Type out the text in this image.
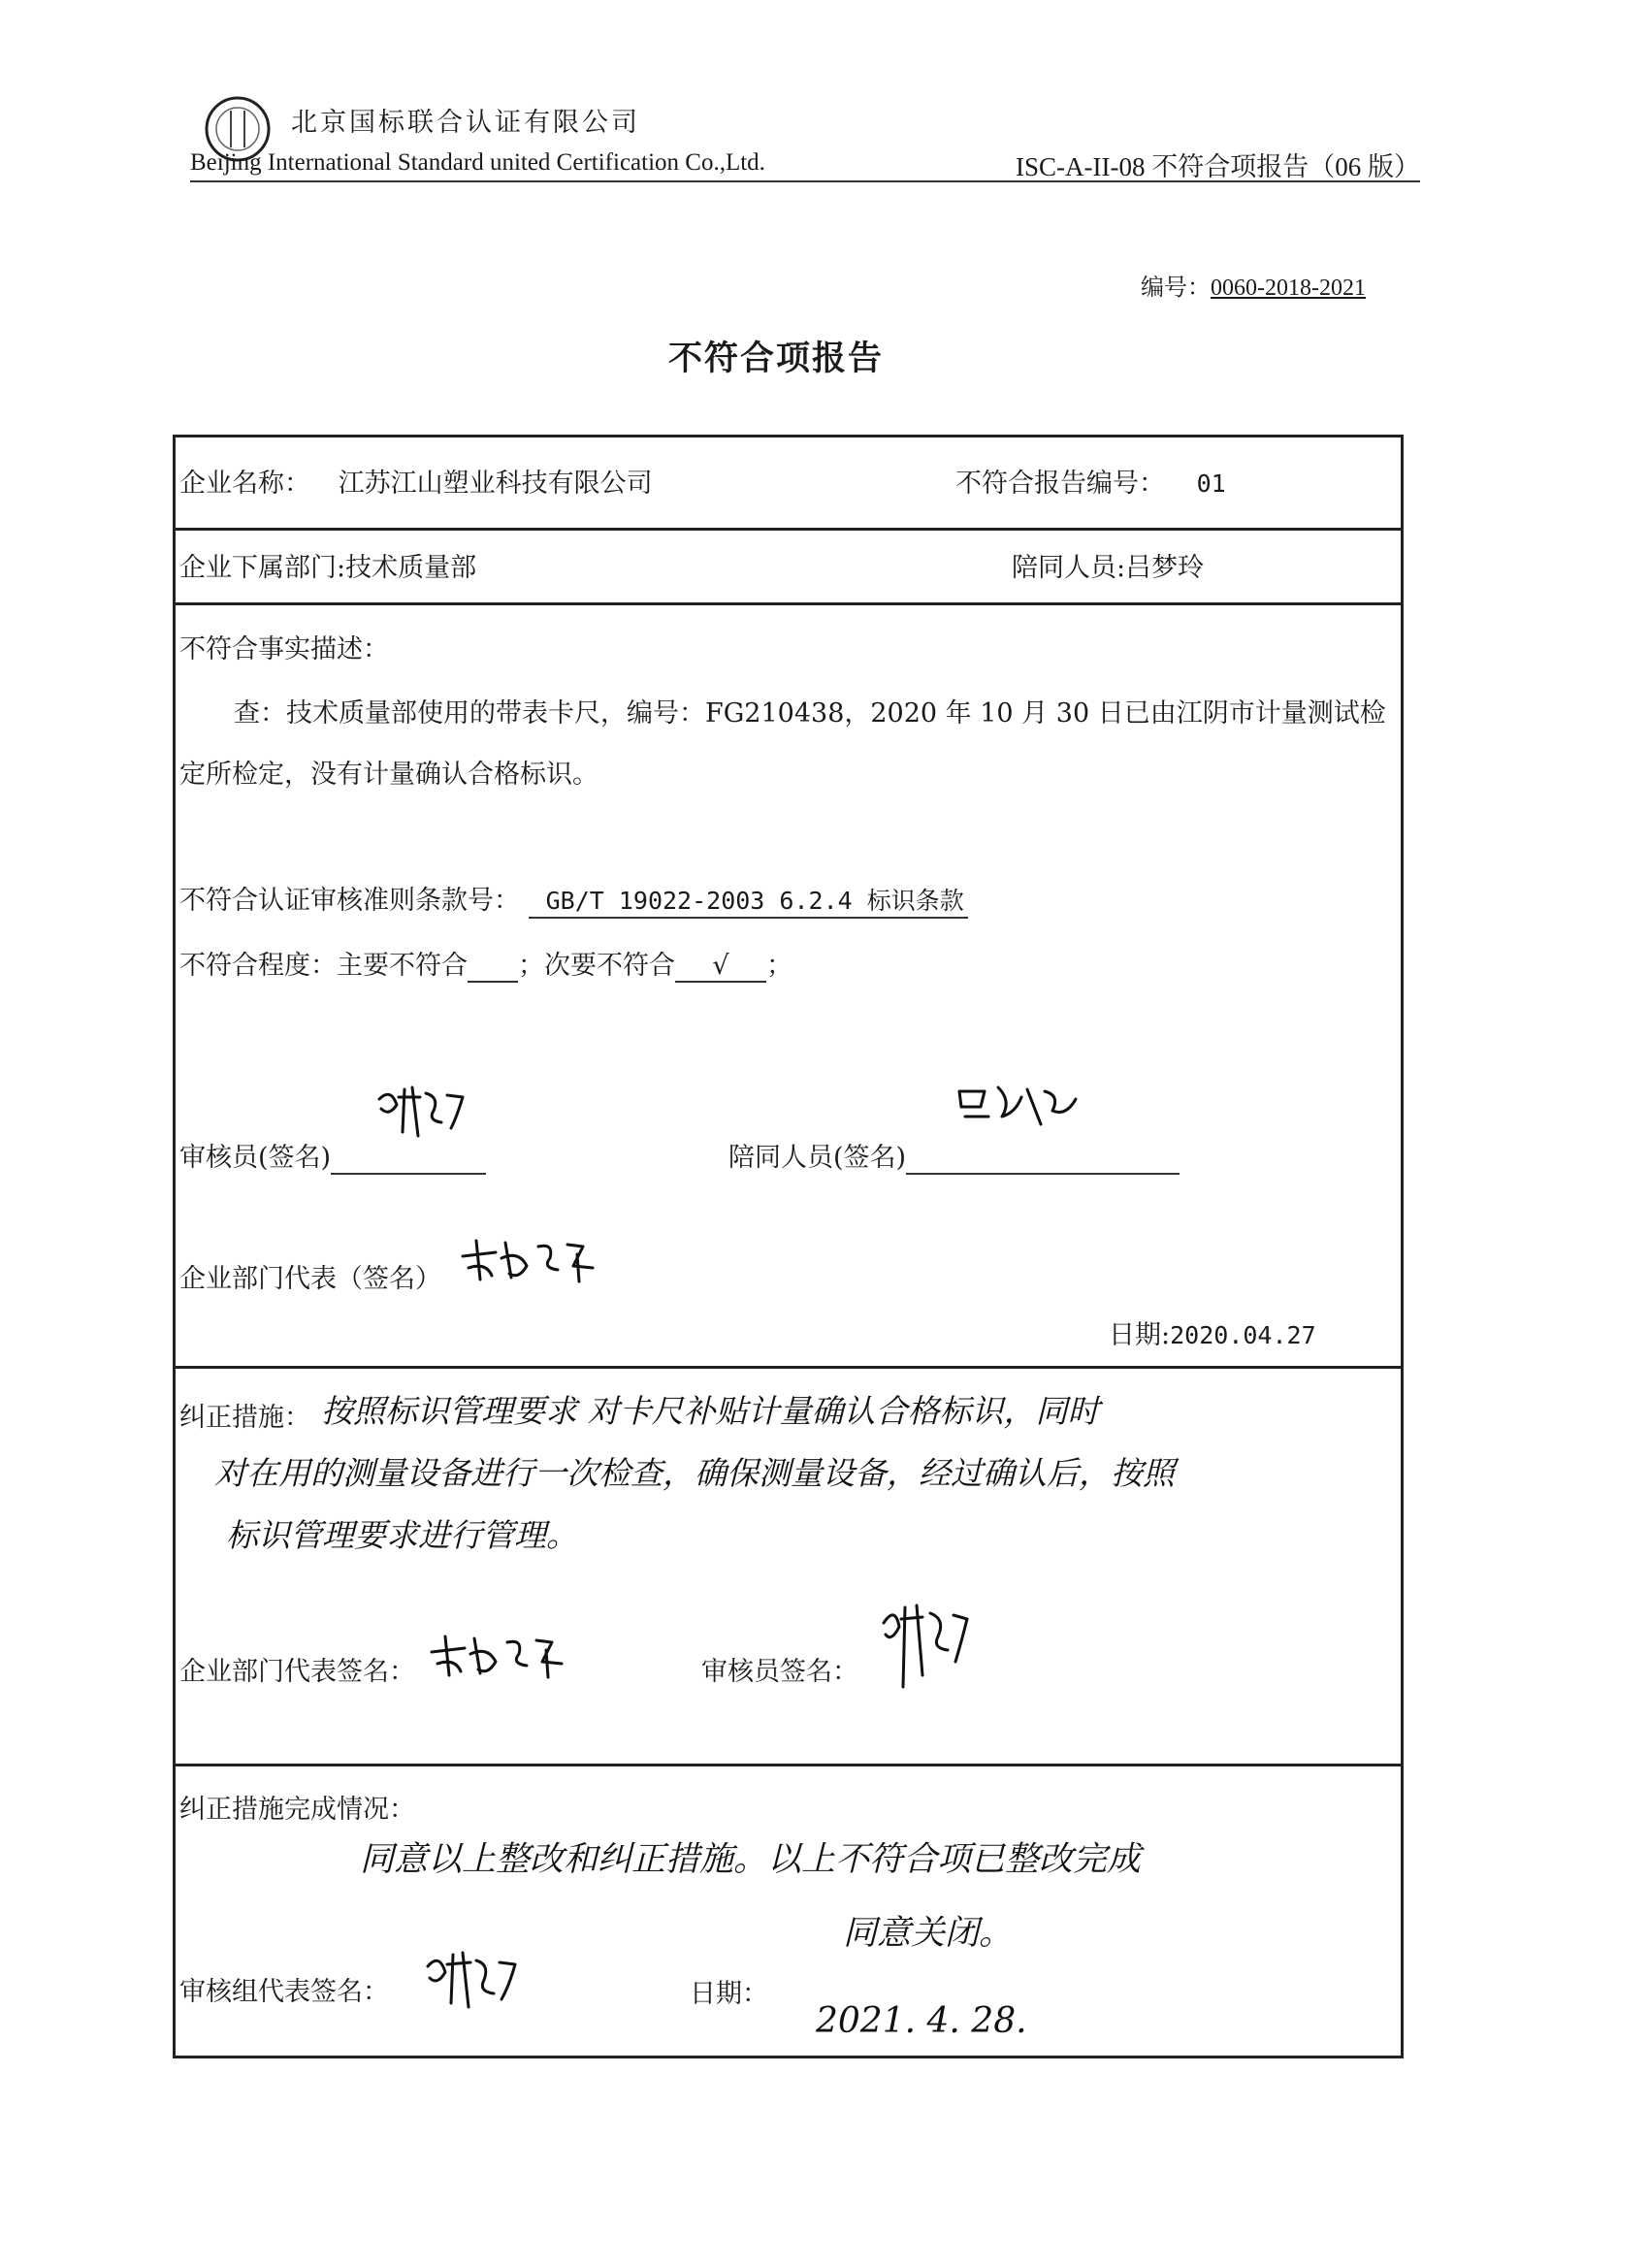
北京国标联合认证有限公司
Beijing International Standard united Certification Co.,Ltd.	ISC-A-II-08 不符合项报告（06 版）
编号：0060-2018-2021
不符合项报告
企业名称： 江苏江山塑业科技有限公司	不符合报告编号： 01
企业下属部门:技术质量部	陪同人员:吕梦玲
不符合事实描述：
查：技术质量部使用的带表卡尺，编号：FG210438，2020 年 10 月 30 日已由江阴市计量测试检
定所检定，没有计量确认合格标识。
不符合认证审核准则条款号： GB/T 19022-2003 6.2.4 标识条款
不符合程度：主要不符合 ；次要不符合 √ ；
审核员(签名)	陪同人员(签名)
企业部门代表（签名）
日期:2020.04.27
纠正措施： 按照标识管理要求 对卡尺补贴计量确认合格标识，同时
对在用的测量设备进行一次检查，确保测量设备，经过确认后，按照
标识管理要求进行管理。
企业部门代表签名：	审核员签名：
纠正措施完成情况：
同意以上整改和纠正措施。以上不符合项已整改完成
同意关闭。
审核组代表签名：	日期：
2021. 4. 28.
